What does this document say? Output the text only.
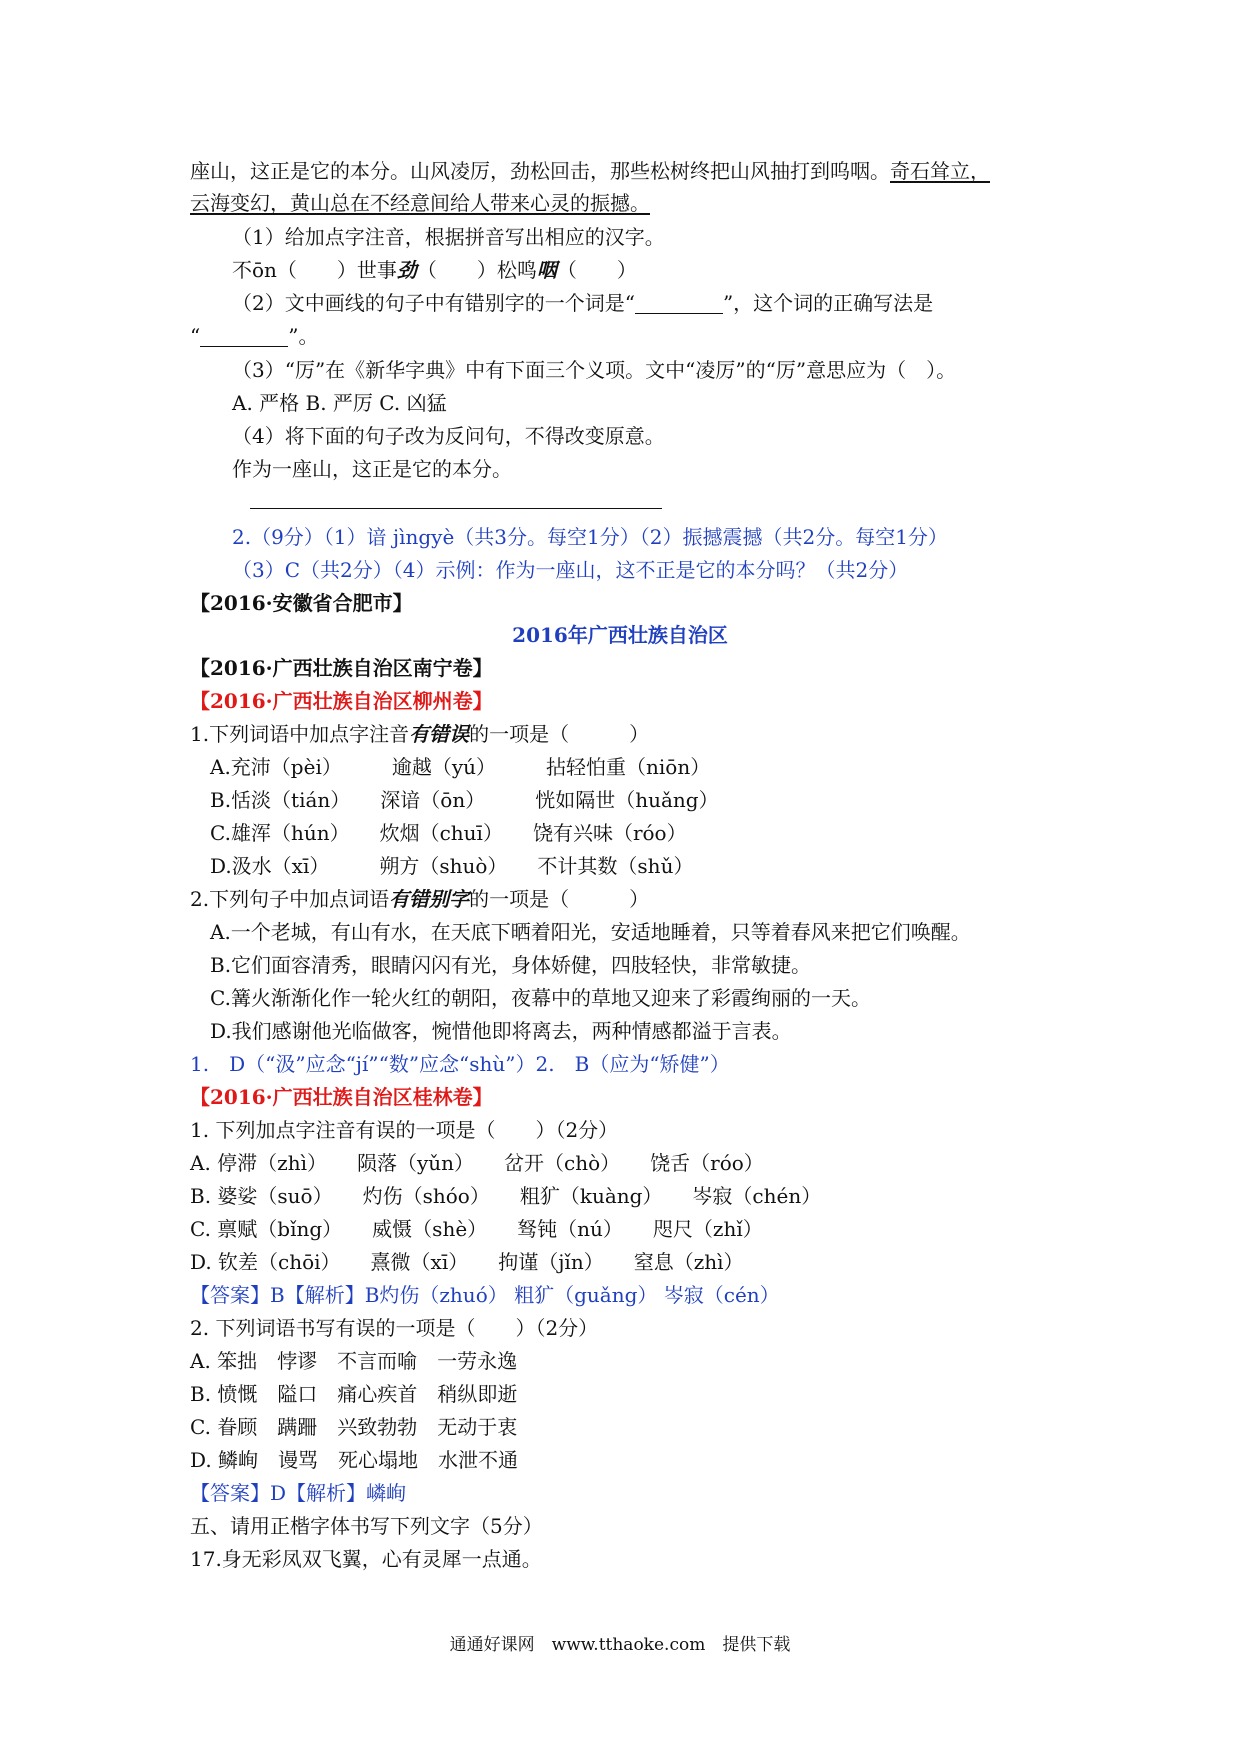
座山，这正是它的本分。山风凌厉，劲松回击，那些松树终把山风抽打到呜咽。奇石耸立，
云海变幻，黄山总在不经意间给人带来心灵的振撼。
（1）给加点字注音，根据拼音写出相应的汉字。
不ōn（　　）世事劲（　　）松鸣咽（　　）
（2）文中画线的句子中有错别字的一个词是“	”，这个词的正确写法是
“	”。
（3）“厉”在《新华字典》中有下面三个义项。文中“凌厉”的“厉”意思应为（　）。
A. 严格 B. 严厉 C. 凶猛
（4）将下面的句子改为反问句，不得改变原意。
作为一座山，这正是它的本分。
2.（9分）（1）谙 jìngyè（共3分。每空1分）（2）振撼震撼（共2分。每空1分）
（3）C（共2分）（4）示例：作为一座山，这不正是它的本分吗？（共2分）
【2016·安徽省合肥市】
2016年广西壮族自治区
【2016·广西壮族自治区南宁卷】
【2016·广西壮族自治区柳州卷】
1.下列词语中加点字注音有错误的一项是（　　　）
A.充沛（pèi）　　　逾越（yú）　　　拈轻怕重（niōn）
B.恬淡（tián）　　深谙（ōn）　　　恍如隔世（huǎng）
C.雄浑（hún）　　炊烟（chuī）　　饶有兴味（róo）
D.汲水（xī）　　　朔方（shuò）　　不计其数（shǔ）
2.下列句子中加点词语有错别字的一项是（　　　）
A.一个老城，有山有水，在天底下晒着阳光，安适地睡着，只等着春风来把它们唤醒。
B.它们面容清秀，眼睛闪闪有光，身体娇健，四肢轻快，非常敏捷。
C.篝火渐渐化作一轮火红的朝阳，夜幕中的草地又迎来了彩霞绚丽的一天。
D.我们感谢他光临做客，惋惜他即将离去，两种情感都溢于言表。
1.　D（“汲”应念“jí”“数”应念“shù”）2.　B（应为“矫健”）
【2016·广西壮族自治区桂林卷】
1. 下列加点字注音有误的一项是（　　）（2分）
A. 停滞（zhì）　　陨落（yǔn）　　岔开（chò）　　饶舌（róo）
B. 婆娑（suō）　　灼伤（shóo）　　粗犷（kuàng）　　岑寂（chén）
C. 禀赋（bǐng）　　威慑（shè）　　驽钝（nú）　　咫尺（zhǐ）
D. 钦差（chōi）　　熹微（xī）　　拘谨（jǐn）　　窒息（zhì）
【答案】B【解析】B灼伤（zhuó） 粗犷（guǎng） 岑寂（cén）
2. 下列词语书写有误的一项是（　　）（2分）
A. 笨拙　悖谬　不言而喻　一劳永逸
B. 愤慨　隘口　痛心疾首　稍纵即逝
C. 眷顾　蹒跚　兴致勃勃　无动于衷
D. 鳞峋　谩骂　死心塌地　水泄不通
【答案】D【解析】嶙峋
五、请用正楷字体书写下列文字（5分）
17.身无彩凤双飞翼，心有灵犀一点通。
通通好课网　www.tthaoke.com　提供下载
